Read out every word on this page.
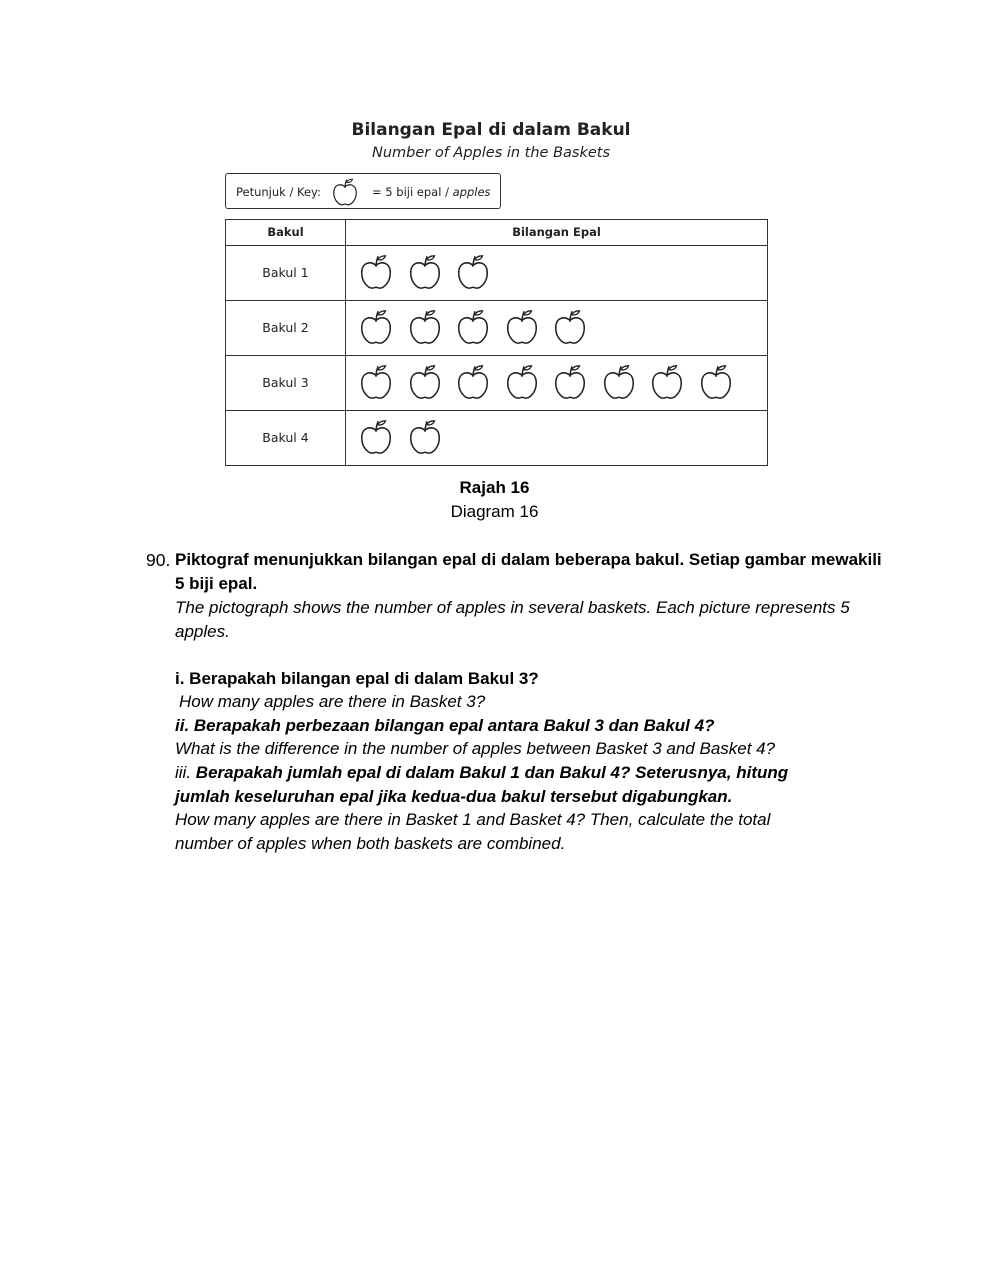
Bilangan Epal di dalam Bakul
Number of Apples in the Baskets
Petunjuk / Key:	= 5 biji epal / apples
Bakul	Bilangan Epal
Bakul 1
Bakul 2
Bakul 3
Bakul 4
Rajah 16
Diagram 16
90. Piktograf menunjukkan bilangan epal di dalam beberapa bakul. Setiap gambar mewakili 5 biji epal.
The pictograph shows the number of apples in several baskets. Each picture represents 5 apples.
i. Berapakah bilangan epal di dalam Bakul 3?
How many apples are there in Basket 3?
ii. Berapakah perbezaan bilangan epal antara Bakul 3 dan Bakul 4?
What is the difference in the number of apples between Basket 3 and Basket 4?
iii. Berapakah jumlah epal di dalam Bakul 1 dan Bakul 4? Seterusnya, hitung jumlah keseluruhan epal jika kedua-dua bakul tersebut digabungkan.
How many apples are there in Basket 1 and Basket 4? Then, calculate the total number of apples when both baskets are combined.
